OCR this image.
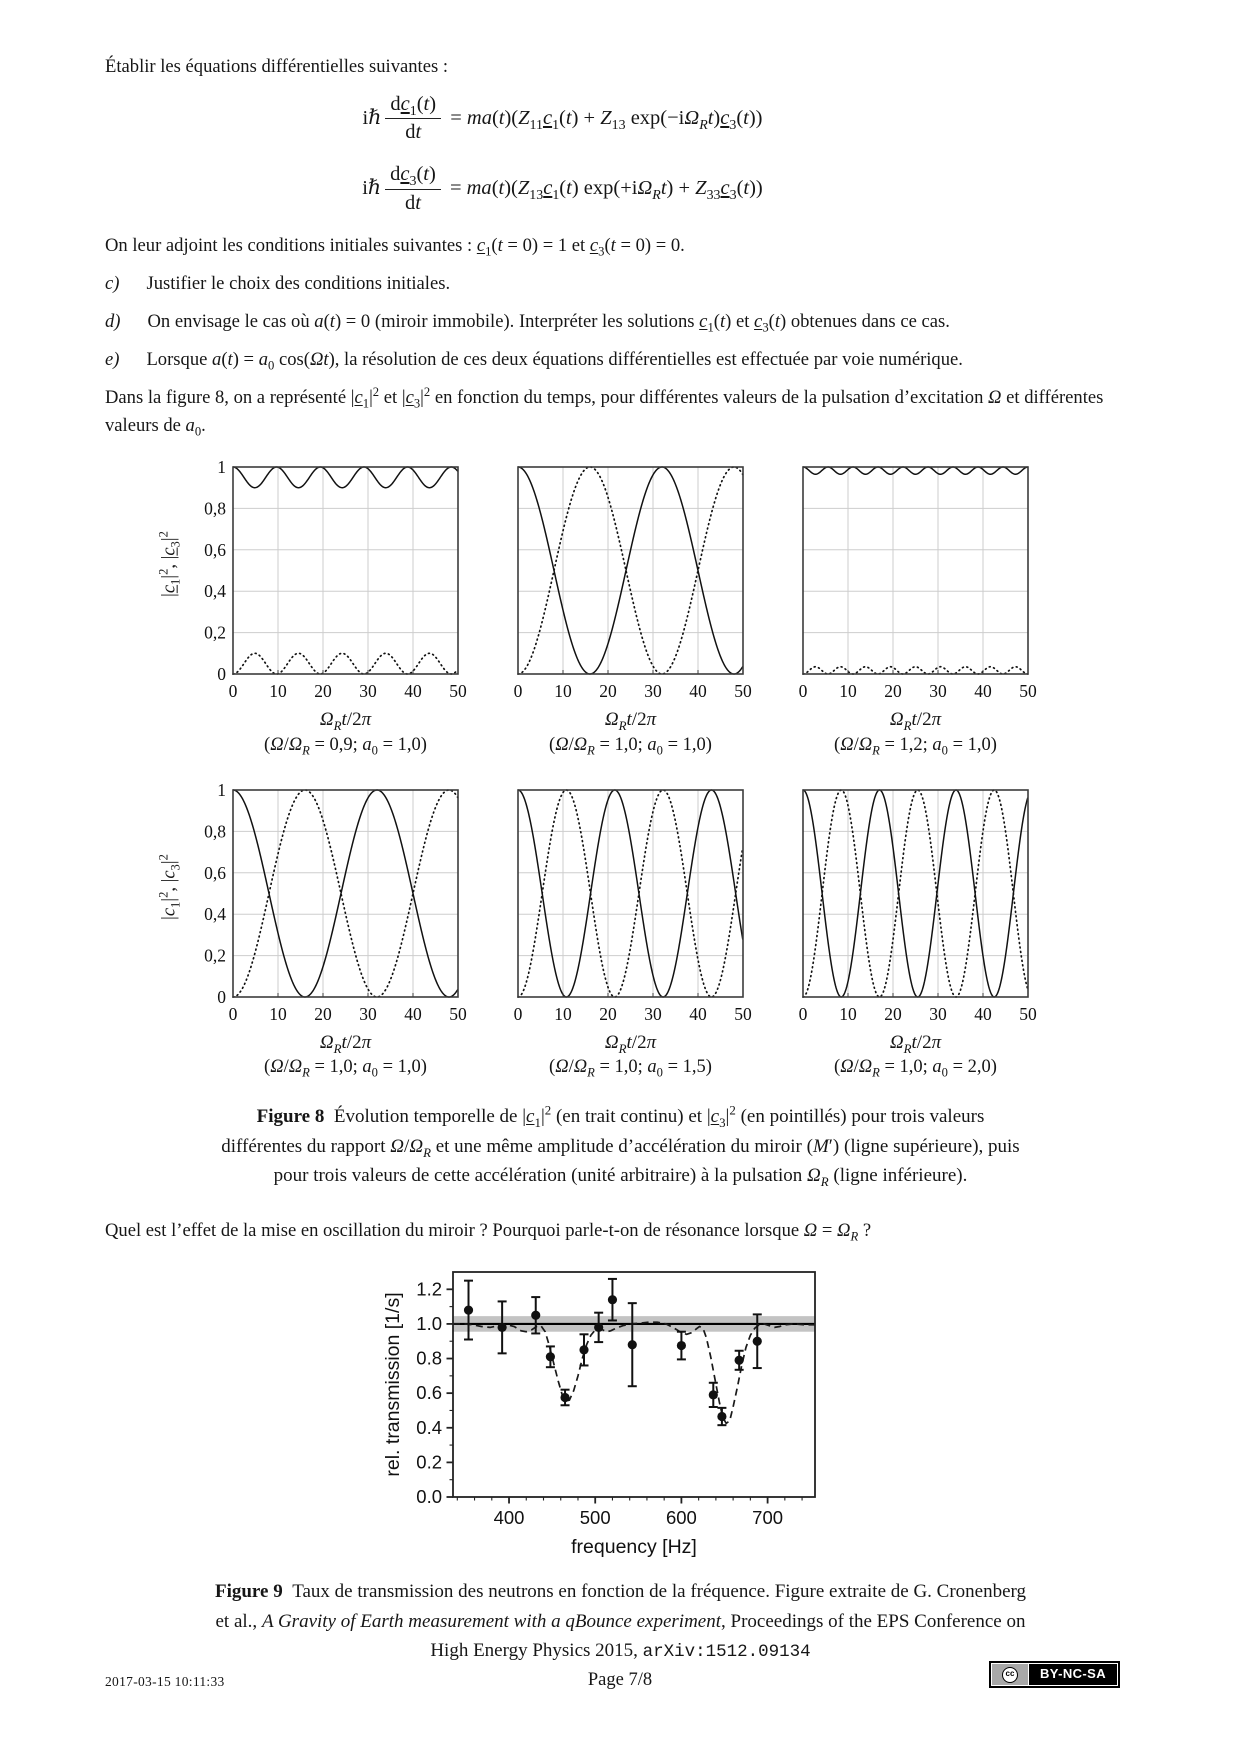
Établir les équations différentielles suivantes :

iℏ $\frac{dc_1(t)}{dt} = ma(t)(Z_{11}c_1(t) + Z_{13}$ $\exp(-i\Omega_Rt)c_3(t)$)
iℏ $\frac{dc_3(t)}{dt} = ma(t)(Z_{13}c_1(t) \exp(+i\Omega_Rt) + Z_{33}c_3(t))$

On leur adjoint les conditions initiales suivantes : $c_1(t = 0) = 1$ et $c_3(t = 0) = 0$.

c) Justifier le choix des conditions initiales.

d) On envisage le cas où a(t) = 0 (miroir immobile). Interpréter les solutions $c_1(t)$ et $c_3(t)$ obtenues dans ce cas.

e) Lorsque $a(t) = a_0$ cos(Ωt), la résolution de ces deux équations différentielles est effectuée par voie numérique.

Dans la figure 8, on a représenté $|c_1|^2$ et $|c_3|^2$ en fonction du temps, pour différentes valeurs de la pulsation d’excitation Ω et différentes valeurs de $a_0$.

$|c_1|^2$, $|c_3|^2$
0 10 20 30 40 50
0
0,2
0,4
0,6
0,8
1
$\Omega_Rt/2\pi$
($\Omega/\Omega_R = 0,9$; $a_0 = 1,0$)
0 10 20 30 40 50
$\Omega_Rt/2\pi$
($\Omega/\Omega_R = 1,0$; $a_0 = 1,0$)
0 10 20 30 40 50
$\Omega_Rt/2\pi$
($\Omega/\Omega_R = 1,2$; $a_0 = 1,0$)
$|c_1|^2$, $|c_3|^2$
0 10 20 30 40 50
0
0,2
0,4
0,6
0,8
1
$\Omega_Rt/2\pi$
($\Omega/\Omega_R = 1,0$; $a_0 = 1,0$)
0 10 20 30 40 50
$\Omega_Rt/2\pi$
($\Omega/\Omega_R = 1,0$; $a_0 = 1,5$)
0 10 20 30 40 50
$\Omega_Rt/2\pi$
($\Omega/\Omega_R = 1,0$; $a_0 = 2,0$)
Figure 8 Évolution temporelle de $|c_1|^2$ (en trait continu) et $|c_3|^2$ (en pointillés) pour trois valeurs
différentes du rapport $\Omega/\Omega_R$ et une même amplitude d’accélération du miroir (M′) (ligne supérieure), puis
pour trois valeurs de cette accélération (unité arbitraire) à la pulsation $\Omega_R$ (ligne inférieure).

Quel est l’effet de la mise en oscillation du miroir ? Pourquoi parle-t-on de résonance lorsque $\Omega = \Omega_R$ ?

400	500	600	700
0.0
0.2
0.4
0.6
0.8
1.0
1.2
rel. transmission [1/s]
frequency [Hz]
Figure 9 Taux de transmission des neutrons en fonction de la fréquence. Figure extraite de G. Cronenberg
et al., A Gravity of Earth measurement with a qBounce experiment, Proceedings of the EPS Conference on
High Energy Physics 2015, arXiv:1512.09134
2017-03-15 10:11:33	Page 7/8	cc	BY-NC-SA
